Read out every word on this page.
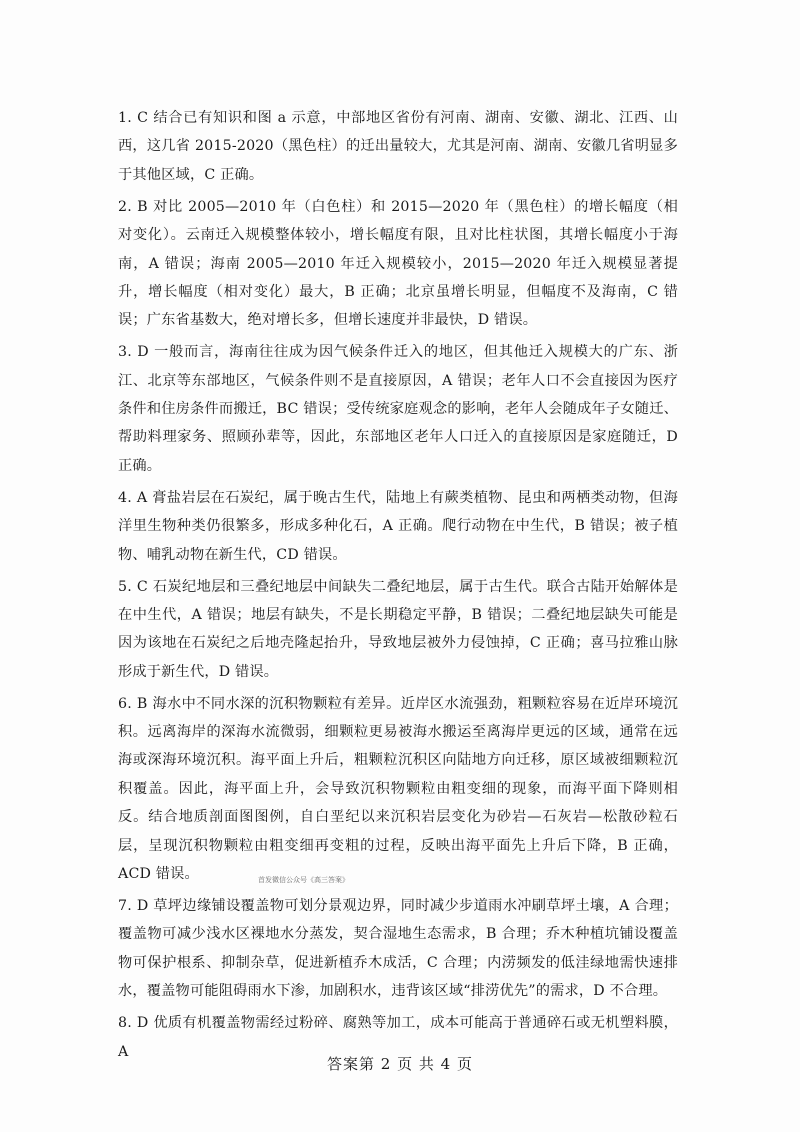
1. C 结合已有知识和图 a 示意，中部地区省份有河南、湖南、安徽、湖北、江西、山西，这几省 2015-2020（黑色柱）的迁出量较大，尤其是河南、湖南、安徽几省明显多于其他区域，C 正确。

2. B 对比 2005—2010 年（白色柱）和 2015—2020 年（黑色柱）的增长幅度（相对变化）。云南迁入规模整体较小，增长幅度有限，且对比柱状图，其增长幅度小于海南，A 错误；海南 2005—2010 年迁入规模较小，2015—2020 年迁入规模显著提升，增长幅度（相对变化）最大，B 正确；北京虽增长明显，但幅度不及海南，C 错误；广东省基数大，绝对增长多，但增长速度并非最快，D 错误。

3. D 一般而言，海南往往成为因气候条件迁入的地区，但其他迁入规模大的广东、浙江、北京等东部地区，气候条件则不是直接原因，A 错误；老年人口不会直接因为医疗条件和住房条件而搬迁，BC 错误；受传统家庭观念的影响，老年人会随成年子女随迁、帮助料理家务、照顾孙辈等，因此，东部地区老年人口迁入的直接原因是家庭随迁，D 正确。

4. A 膏盐岩层在石炭纪，属于晚古生代，陆地上有蕨类植物、昆虫和两栖类动物，但海洋里生物种类仍很繁多，形成多种化石，A 正确。爬行动物在中生代，B 错误；被子植物、哺乳动物在新生代，CD 错误。

5. C 石炭纪地层和三叠纪地层中间缺失二叠纪地层，属于古生代。联合古陆开始解体是在中生代，A 错误；地层有缺失，不是长期稳定平静，B 错误；二叠纪地层缺失可能是因为该地在石炭纪之后地壳隆起抬升，导致地层被外力侵蚀掉，C 正确；喜马拉雅山脉形成于新生代，D 错误。

6. B 海水中不同水深的沉积物颗粒有差异。近岸区水流强劲，粗颗粒容易在近岸环境沉积。远离海岸的深海水流微弱，细颗粒更易被海水搬运至离海岸更远的区域，通常在远海或深海环境沉积。海平面上升后，粗颗粒沉积区向陆地方向迁移，原区域被细颗粒沉积覆盖。因此，海平面上升，会导致沉积物颗粒由粗变细的现象，而海平面下降则相反。结合地质剖面图图例，自白垩纪以来沉积岩层变化为砂岩—石灰岩—松散砂粒石层，呈现沉积物颗粒由粗变细再变粗的过程，反映出海平面先上升后下降，B 正确，ACD 错误。

7. D 草坪边缘铺设覆盖物可划分景观边界，同时减少步道雨水冲刷草坪土壤，A 合理；覆盖物可减少浅水区裸地水分蒸发，契合湿地生态需求，B 合理；乔木种植坑铺设覆盖物可保护根系、抑制杂草，促进新植乔木成活，C 合理；内涝频发的低洼绿地需快速排水，覆盖物可能阻碍雨水下渗，加剧积水，违背该区域“排涝优先”的需求，D 不合理。

8. D 优质有机覆盖物需经过粉碎、腐熟等加工，成本可能高于普通碎石或无机塑料膜，A

首发微信公众号《高三答案》
答案第 2 页 共 4 页
